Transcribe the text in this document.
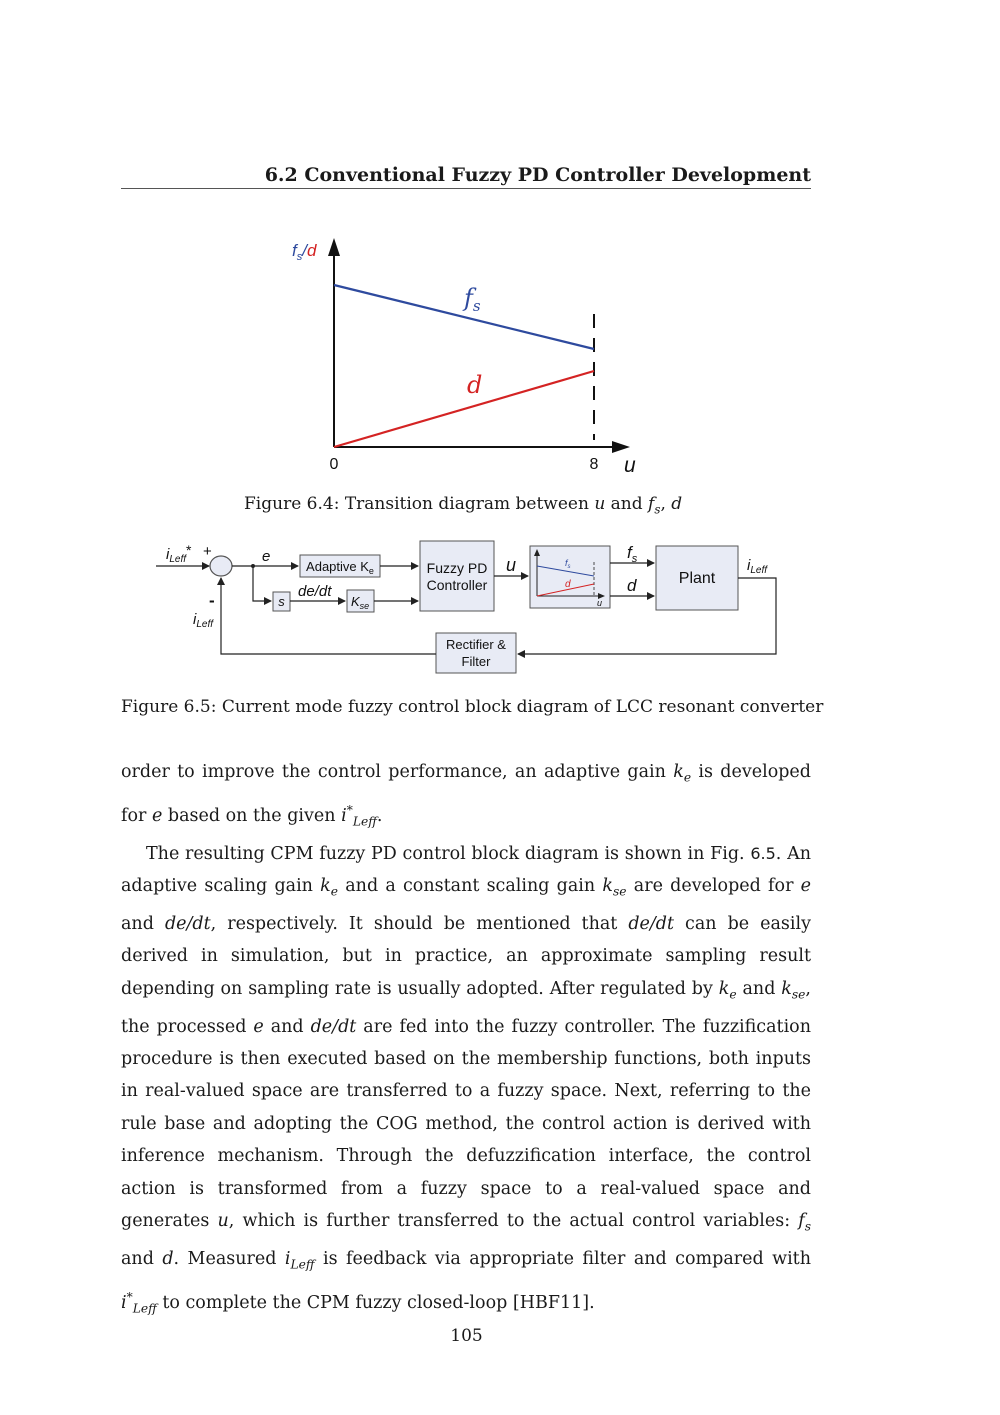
6.2 Conventional Fuzzy PD Controller Development
$f_s/d$
$f_s$
d
0	8 u
Figure 6.4: Transition diagram between u and $f_s$, d
$i_{Leff}*$ +
-
$i_{Leff}$
e
Adaptive $K_e$
s
de/dt
$K_{se}$
Fuzzy PD
Controller
u	$f_s$
d
u
$f_s$
d	Plant
$i_{Leff}$
Rectifier &
Filter
Figure 6.5: Current mode fuzzy control block diagram of LCC resonant converter

order to improve the control performance, an adaptive gain $k_e$ is developed for e based on the given $i^*_{Leff}$.

The resulting CPM fuzzy PD control block diagram is shown in Fig. 6.5. An adaptive scaling gain $k_e$ and a constant scaling gain $k_{se}$ are developed for e and de/dt, respectively. It should be mentioned that de/dt can be easily derived in simulation, but in practice, an approximate sampling result depending on sampling rate is usually adopted. After regulated by $k_e$ and $k_{se}$, the processed e and de/dt are fed into the fuzzy controller. The fuzzification procedure is then executed based on the membership functions, both inputs in real-valued space are transferred to a fuzzy space. Next, referring to the rule base and adopting the COG method, the control action is derived with inference mechanism. Through the defuzzification interface, the control action is transformed from a fuzzy space to a real-valued space and generates u, which is further transferred to the actual control variables: $f_s$ and d. Measured $i_{Leff}$ is feedback via appropriate filter and compared with $i^*_{Leff}$ to complete the CPM fuzzy closed-loop [HBF11].

105
